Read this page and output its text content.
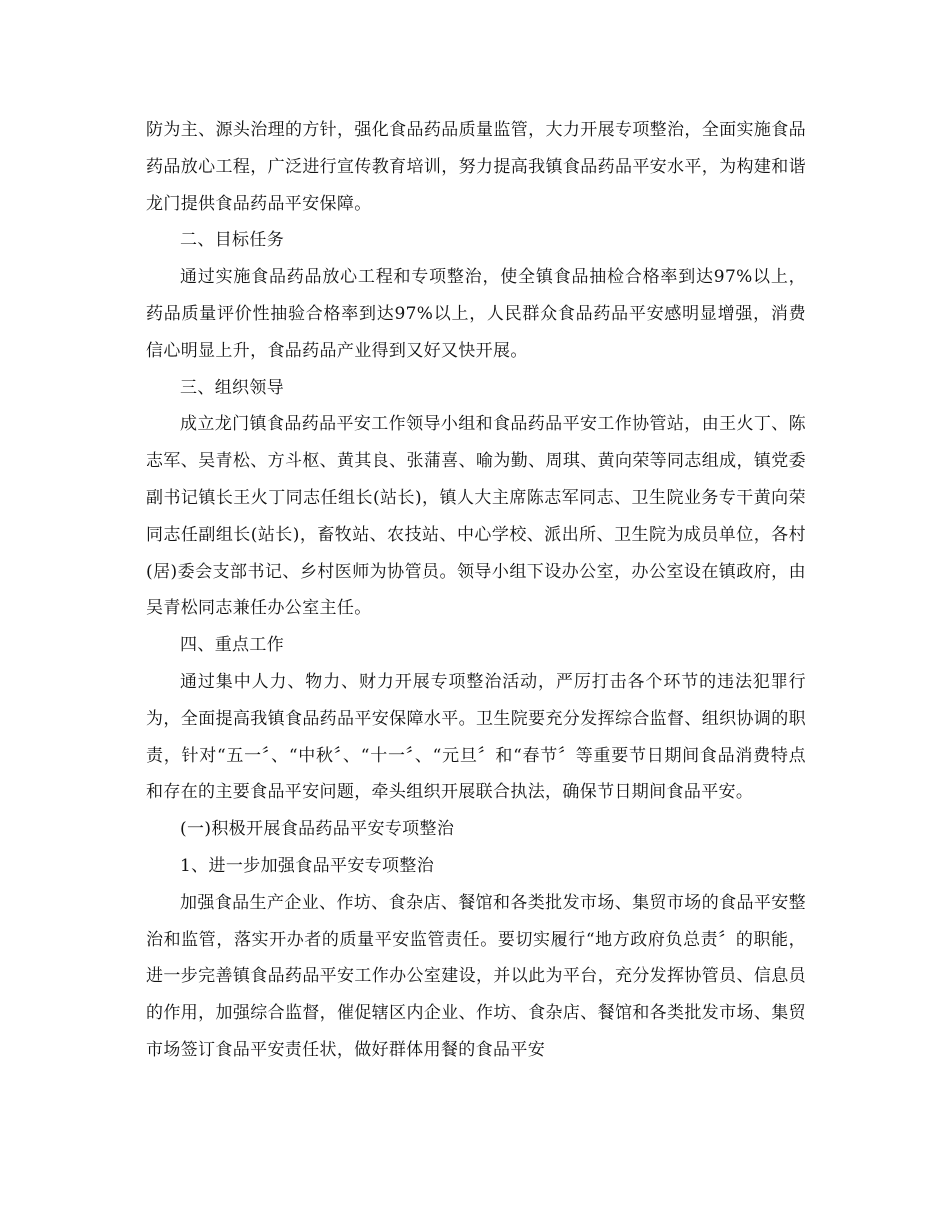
防为主、源头治理的方针，强化食品药品质量监管，大力开展专项整治，全面实施食品药品放心工程，广泛进行宣传教育培训，努力提高我镇食品药品平安水平，为构建和谐龙门提供食品药品平安保障。

二、目标任务

通过实施食品药品放心工程和专项整治，使全镇食品抽检合格率到达97%以上，药品质量评价性抽验合格率到达97%以上，人民群众食品药品平安感明显增强，消费信心明显上升，食品药品产业得到又好又快开展。

三、组织领导

成立龙门镇食品药品平安工作领导小组和食品药品平安工作协管站，由王火丁、陈志军、吴青松、方斗枢、黄其良、张蒲喜、喻为勤、周琪、黄向荣等同志组成，镇党委副书记镇长王火丁同志任组长(站长)，镇人大主席陈志军同志、卫生院业务专干黄向荣同志任副组长(站长)，畜牧站、农技站、中心学校、派出所、卫生院为成员单位，各村(居)委会支部书记、乡村医师为协管员。领导小组下设办公室，办公室设在镇政府，由吴青松同志兼任办公室主任。

四、重点工作

通过集中人力、物力、财力开展专项整治活动，严厉打击各个环节的违法犯罪行为，全面提高我镇食品药品平安保障水平。卫生院要充分发挥综合监督、组织协调的职责，针对“五一〞、“中秋〞、“十一〞、“元旦〞和“春节〞等重要节日期间食品消费特点和存在的主要食品平安问题，牵头组织开展联合执法，确保节日期间食品平安。

(一)积极开展食品药品平安专项整治

1、进一步加强食品平安专项整治

加强食品生产企业、作坊、食杂店、餐馆和各类批发市场、集贸市场的食品平安整治和监管，落实开办者的质量平安监管责任。要切实履行“地方政府负总责〞的职能，进一步完善镇食品药品平安工作办公室建设，并以此为平台，充分发挥协管员、信息员的作用，加强综合监督，催促辖区内企业、作坊、食杂店、餐馆和各类批发市场、集贸市场签订食品平安责任状，做好群体用餐的食品平安
